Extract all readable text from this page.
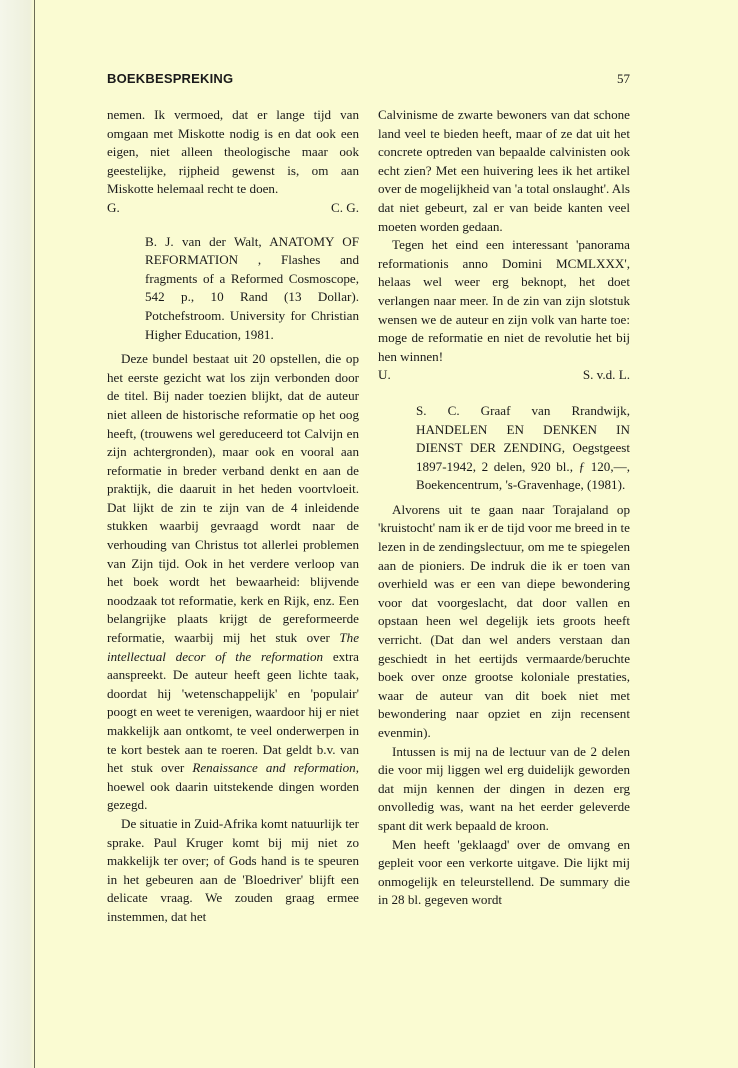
BOEKBESPREKING	57

nemen. Ik vermoed, dat er lange tijd van omgaan met Miskotte nodig is en dat ook een eigen, niet alleen theologische maar ook geestelijke, rijpheid gewenst is, om aan Miskotte helemaal recht te doen.

G.	C. G.

B. J. van der Walt, ANATOMY OF REFORMATION , Flashes and fragments of a Reformed Cosmoscope, 542 p., 10 Rand (13 Dollar). Potchefstroom. University for Christian Higher Education, 1981.

Deze bundel bestaat uit 20 opstellen, die op het eerste gezicht wat los zijn verbonden door de titel. Bij nader toezien blijkt, dat de auteur niet alleen de historische reformatie op het oog heeft, (trouwens wel gereduceerd tot Calvijn en zijn achtergronden), maar ook en vooral aan reformatie in breder verband denkt en aan de praktijk, die daaruit in het heden voortvloeit. Dat lijkt de zin te zijn van de 4 inleidende stukken waarbij gevraagd wordt naar de verhouding van Christus tot allerlei problemen van Zijn tijd. Ook in het verdere verloop van het boek wordt het bewaarheid: blijvende noodzaak tot reformatie, kerk en Rijk, enz. Een belangrijke plaats krijgt de gereformeerde reformatie, waarbij mij het stuk over The intellectual decor of the reformation extra aanspreekt. De auteur heeft geen lichte taak, doordat hij 'wetenschappelijk' en 'populair' poogt en weet te verenigen, waardoor hij er niet makkelijk aan ontkomt, te veel onderwerpen in te kort bestek aan te roeren. Dat geldt b.v. van het stuk over Renaissance and reformation, hoewel ook daarin uitstekende dingen worden gezegd.

De situatie in Zuid-Afrika komt natuurlijk ter sprake. Paul Kruger komt bij mij niet zo makkelijk ter over; of Gods hand is te speuren in het gebeuren aan de 'Bloedriver' blijft een delicate vraag. We zouden graag ermee instemmen, dat het

Calvinisme de zwarte bewoners van dat schone land veel te bieden heeft, maar of ze dat uit het concrete optreden van bepaalde calvinisten ook echt zien? Met een huivering lees ik het artikel over de mogelijkheid van 'a total onslaught'. Als dat niet gebeurt, zal er van beide kanten veel moeten worden gedaan.

Tegen het eind een interessant 'panorama reformationis anno Domini MCMLXXX', helaas wel weer erg beknopt, het doet verlangen naar meer. In de zin van zijn slotstuk wensen we de auteur en zijn volk van harte toe: moge de reformatie en niet de revolutie het bij hen winnen!

U.	S. v.d. L.

S. C. Graaf van Rrandwijk, HANDELEN EN DENKEN IN DIENST DER ZENDING, Oegstgeest 1897-1942, 2 delen, 920 bl., ƒ 120,—, Boekencentrum, 's-Gravenhage, (1981).

Alvorens uit te gaan naar Torajaland op 'kruistocht' nam ik er de tijd voor me breed in te lezen in de zendingslectuur, om me te spiegelen aan de pioniers. De indruk die ik er toen van overhield was er een van diepe bewondering voor dat voorgeslacht, dat door vallen en opstaan heen wel degelijk iets groots heeft verricht. (Dat dan wel anders verstaan dan geschiedt in het eertijds vermaarde/beruchte boek over onze grootse koloniale prestaties, waar de auteur van dit boek niet met bewondering naar opziet en zijn recensent evenmin).

Intussen is mij na de lectuur van de 2 delen die voor mij liggen wel erg duidelijk geworden dat mijn kennen der dingen in dezen erg onvolledig was, want na het eerder geleverde spant dit werk bepaald de kroon.

Men heeft 'geklaagd' over de omvang en gepleit voor een verkorte uitgave. Die lijkt mij onmogelijk en teleurstellend. De summary die in 28 bl. gegeven wordt
